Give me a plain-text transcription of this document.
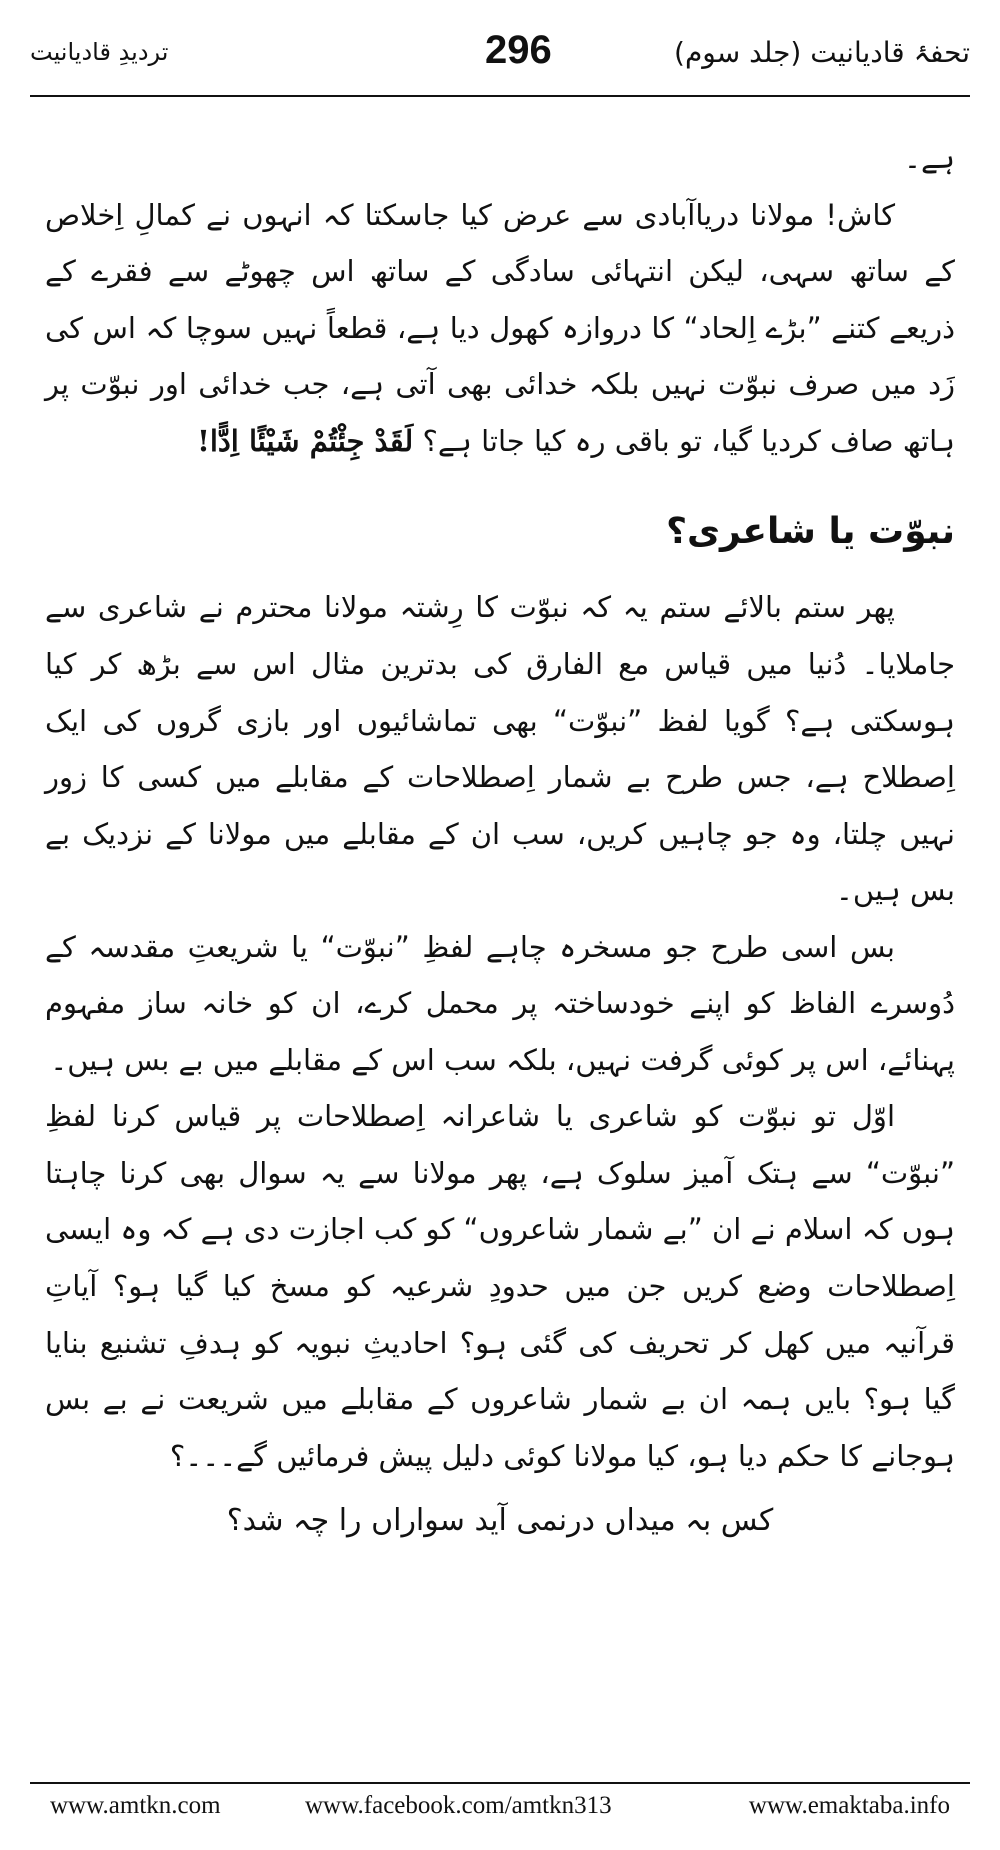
تحفۂ قادیانیت (جلد سوم)
296
تردیدِ قادیانیت

ہے۔

کاش! مولانا دریاآبادی سے عرض کیا جاسکتا کہ انہوں نے کمالِ اِخلاص کے ساتھ سہی، لیکن انتہائی سادگی کے ساتھ اس چھوٹے سے فقرے کے ذریعے کتنے ”بڑے اِلحاد“ کا دروازہ کھول دیا ہے، قطعاً نہیں سوچا کہ اس کی زَد میں صرف نبوّت نہیں بلکہ خدائی بھی آتی ہے، جب خدائی اور نبوّت پر ہاتھ صاف کردیا گیا، تو باقی رہ کیا جاتا ہے؟ لَقَدْ جِئْتُمْ شَيْئًا اِدًّا!

نبوّت یا شاعری؟

پھر ستم بالائے ستم یہ کہ نبوّت کا رِشتہ مولانا محترم نے شاعری سے جاملایا۔ دُنیا میں قیاس مع الفارق کی بدترین مثال اس سے بڑھ کر کیا ہوسکتی ہے؟ گویا لفظ ”نبوّت“ بھی تماشائیوں اور بازی گروں کی ایک اِصطلاح ہے، جس طرح بے شمار اِصطلاحات کے مقابلے میں کسی کا زور نہیں چلتا، وہ جو چاہیں کریں، سب ان کے مقابلے میں مولانا کے نزدیک بے بس ہیں۔

بس اسی طرح جو مسخرہ چاہے لفظِ ”نبوّت“ یا شریعتِ مقدسہ کے دُوسرے الفاظ کو اپنے خودساختہ پر محمل کرے، ان کو خانہ ساز مفہوم پہنائے، اس پر کوئی گرفت نہیں، بلکہ سب اس کے مقابلے میں بے بس ہیں۔

اوّل تو نبوّت کو شاعری یا شاعرانہ اِصطلاحات پر قیاس کرنا لفظِ ”نبوّت“ سے ہتک آمیز سلوک ہے، پھر مولانا سے یہ سوال بھی کرنا چاہتا ہوں کہ اسلام نے ان ”بے شمار شاعروں“ کو کب اجازت دی ہے کہ وہ ایسی اِصطلاحات وضع کریں جن میں حدودِ شرعیہ کو مسخ کیا گیا ہو؟ آیاتِ قرآنیہ میں کھل کر تحریف کی گئی ہو؟ احادیثِ نبویہ کو ہدفِ تشنیع بنایا گیا ہو؟ بایں ہمہ ان بے شمار شاعروں کے مقابلے میں شریعت نے بے بس ہوجانے کا حکم دیا ہو، کیا مولانا کوئی دلیل پیش فرمائیں گے۔۔۔؟

کس بہ میداں درنمی آید سواراں را چہ شد؟

www.amtkn.com	www.facebook.com/amtkn313	www.emaktaba.info
